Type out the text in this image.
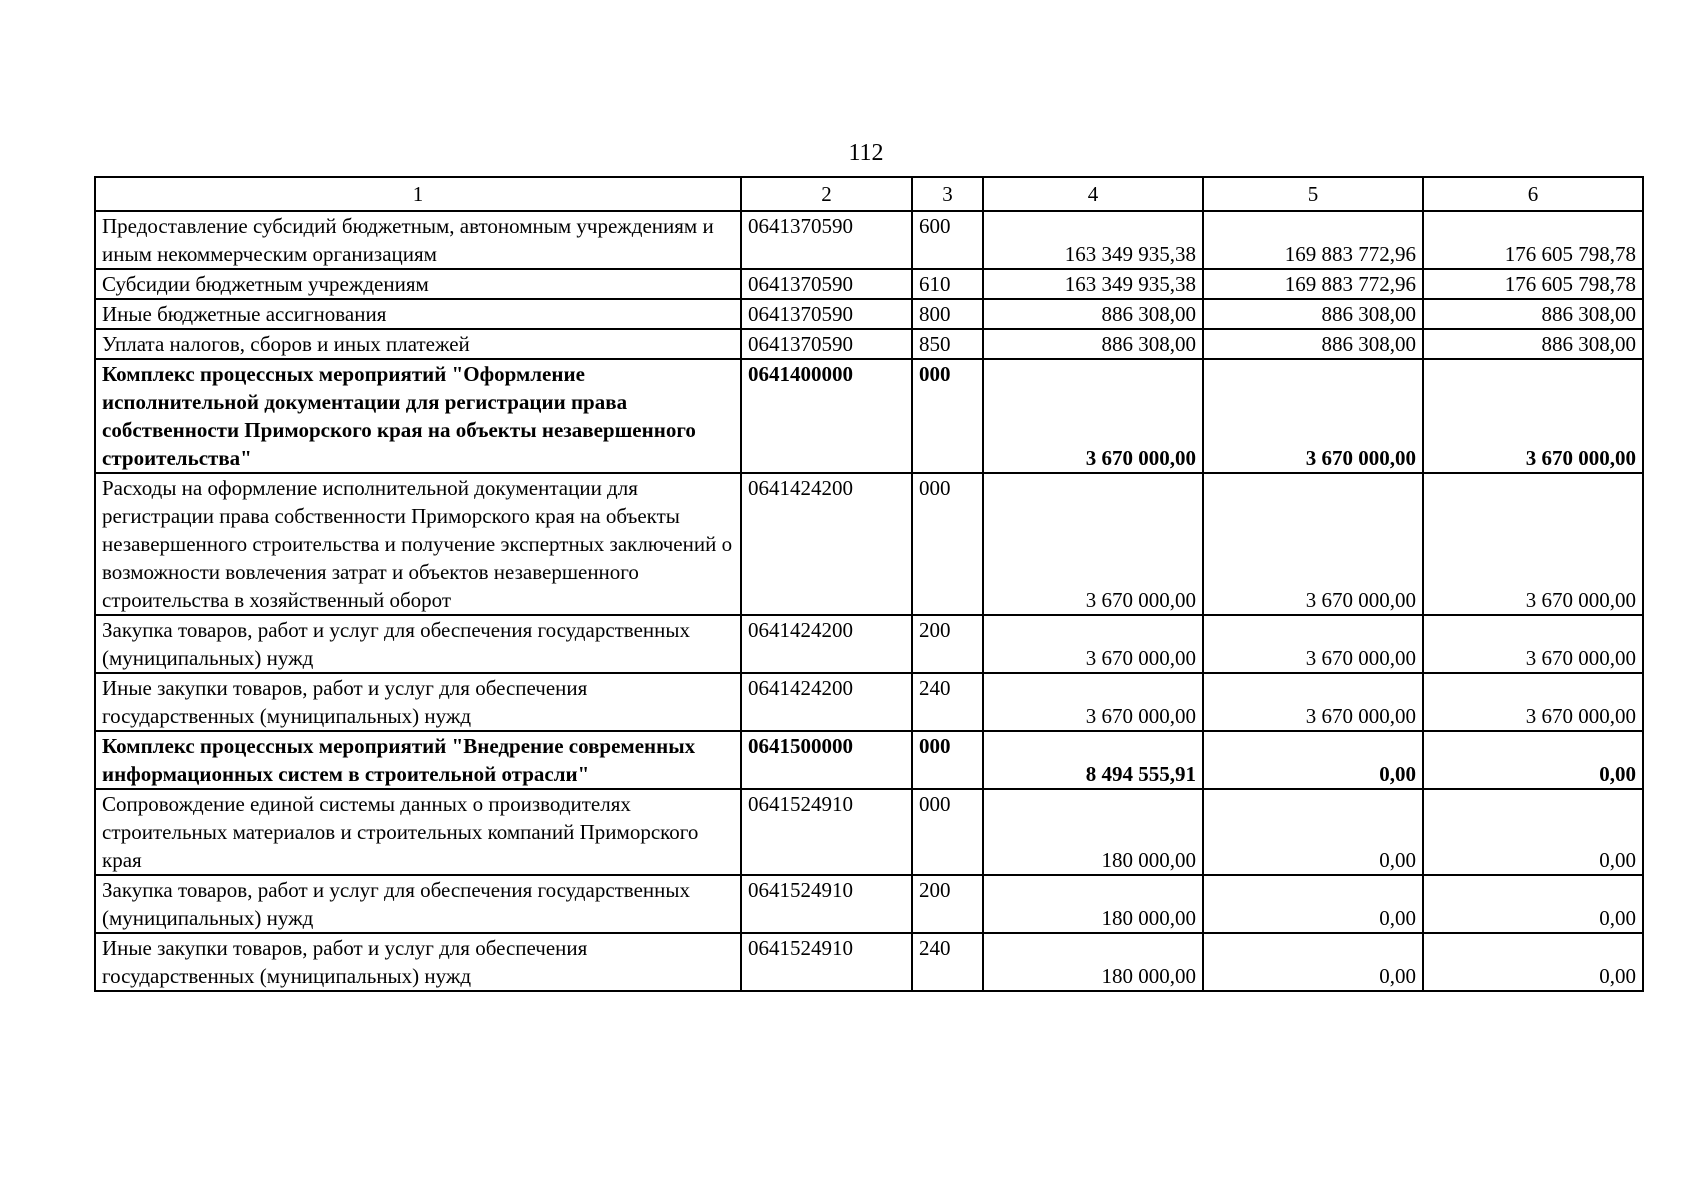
112
1	2	3	4	5	6
Предоставление субсидий бюджетным, автономным учреждениям и иным некоммерческим организациям	0641370590	600	163 349 935,38	169 883 772,96	176 605 798,78
Субсидии бюджетным учреждениям	0641370590	610	163 349 935,38	169 883 772,96	176 605 798,78
Иные бюджетные ассигнования	0641370590	800	886 308,00	886 308,00	886 308,00
Уплата налогов, сборов и иных платежей	0641370590	850	886 308,00	886 308,00	886 308,00
Комплекс процессных мероприятий "Оформление исполнительной документации для регистрации права собственности Приморского края на объекты незавершенного строительства"	0641400000	000	3 670 000,00	3 670 000,00	3 670 000,00
Расходы на оформление исполнительной документации для регистрации права собственности Приморского края на объекты незавершенного строительства и получение экспертных заключений о возможности вовлечения затрат и объектов незавершенного строительства в хозяйственный оборот	0641424200	000	3 670 000,00	3 670 000,00	3 670 000,00
Закупка товаров, работ и услуг для обеспечения государственных (муниципальных) нужд	0641424200	200	3 670 000,00	3 670 000,00	3 670 000,00
Иные закупки товаров, работ и услуг для обеспечения государственных (муниципальных) нужд	0641424200	240	3 670 000,00	3 670 000,00	3 670 000,00
Комплекс процессных мероприятий "Внедрение современных информационных систем в строительной отрасли"	0641500000	000	8 494 555,91	0,00	0,00
Сопровождение единой системы данных о производителях строительных материалов и строительных компаний Приморского края	0641524910	000	180 000,00	0,00	0,00
Закупка товаров, работ и услуг для обеспечения государственных (муниципальных) нужд	0641524910	200	180 000,00	0,00	0,00
Иные закупки товаров, работ и услуг для обеспечения государственных (муниципальных) нужд	0641524910	240	180 000,00	0,00	0,00
